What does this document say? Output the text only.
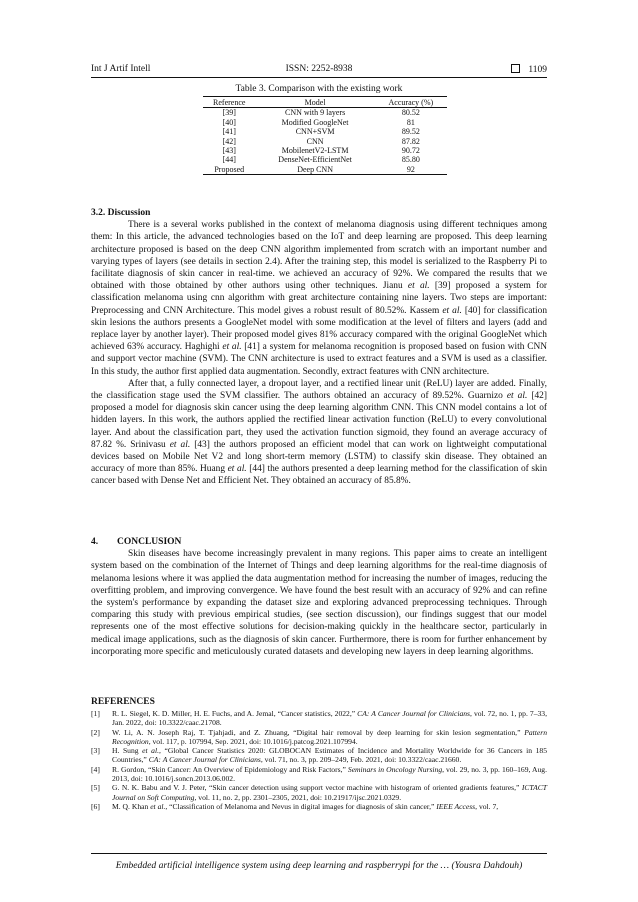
Int J Artif Intell	ISSN: 2252-8938	1109
Table 3. Comparison with the existing work
Reference	Model	Accuracy (%)
[39]	CNN with 9 layers	80.52
[40]	Modified GoogleNet	81
[41]	CNN+SVM	89.52
[42]	CNN	87.82
[43]	MobilenetV2-LSTM	90.72
[44]	DenseNet-EfficientNet	85.80
Proposed	Deep CNN	92
3.2. Discussion

There is a several works published in the context of melanoma diagnosis using different techniques among them: In this article, the advanced technologies based on the IoT and deep learning are proposed. This deep learning architecture proposed is based on the deep CNN algorithm implemented from scratch with an important number and varying types of layers (see details in section 2.4). After the training step, this model is serialized to the Raspberry Pi to facilitate diagnosis of skin cancer in real-time. we achieved an accuracy of 92%. We compared the results that we obtained with those obtained by other authors using other techniques. Jianu et al. [39] proposed a system for classification melanoma using cnn algorithm with great architecture containing nine layers. Two steps are important: Preprocessing and CNN Architecture. This model gives a robust result of 80.52%. Kassem et al. [40] for classification skin lesions the authors presents a GoogleNet model with some modification at the level of filters and layers (add and replace layer by another layer). Their proposed model gives 81% accuracy compared with the original GoogleNet which achieved 63% accuracy. Haghighi et al. [41] a system for melanoma recognition is proposed based on fusion with CNN and support vector machine (SVM). The CNN architecture is used to extract features and a SVM is used as a classifier. In this study, the author first applied data augmentation. Secondly, extract features with CNN architecture.

After that, a fully connected layer, a dropout layer, and a rectified linear unit (ReLU) layer are added. Finally, the classification stage used the SVM classifier. The authors obtained an accuracy of 89.52%. Guarnizo et al. [42] proposed a model for diagnosis skin cancer using the deep learning algorithm CNN. This CNN model contains a lot of hidden layers. In this work, the authors applied the rectified linear activation function (ReLU) to every convolutional layer. And about the classification part, they used the activation function sigmoid, they found an average accuracy of 87.82 %. Srinivasu et al. [43] the authors proposed an efficient model that can work on lightweight computational devices based on Mobile Net V2 and long short-term memory (LSTM) to classify skin disease. They obtained an accuracy of more than 85%. Huang et al. [44] the authors presented a deep learning method for the classification of skin cancer based with Dense Net and Efficient Net. They obtained an accuracy of 85.8%.

4. CONCLUSION

Skin diseases have become increasingly prevalent in many regions. This paper aims to create an intelligent system based on the combination of the Internet of Things and deep learning algorithms for the real-time diagnosis of melanoma lesions where it was applied the data augmentation method for increasing the number of images, reducing the overfitting problem, and improving convergence. We have found the best result with an accuracy of 92% and can refine the system's performance by expanding the dataset size and exploring advanced preprocessing techniques. Through comparing this study with previous empirical studies, (see section discussion), our findings suggest that our model represents one of the most effective solutions for decision-making quickly in the healthcare sector, particularly in medical image applications, such as the diagnosis of skin cancer. Furthermore, there is room for further enhancement by incorporating more specific and meticulously curated datasets and developing new layers in deep learning algorithms.

REFERENCES
[1]	R. L. Siegel, K. D. Miller, H. E. Fuchs, and A. Jemal, “Cancer statistics, 2022,” CA: A Cancer Journal for Clinicians, vol. 72, no. 1, pp. 7–33, Jan. 2022, doi: 10.3322/caac.21708.
[2]	W. Li, A. N. Joseph Raj, T. Tjahjadi, and Z. Zhuang, “Digital hair removal by deep learning for skin lesion segmentation,” Pattern Recognition, vol. 117, p. 107994, Sep. 2021, doi: 10.1016/j.patcog.2021.107994.
[3]	H. Sung et al., “Global Cancer Statistics 2020: GLOBOCAN Estimates of Incidence and Mortality Worldwide for 36 Cancers in 185 Countries,” CA: A Cancer Journal for Clinicians, vol. 71, no. 3, pp. 209–249, Feb. 2021, doi: 10.3322/caac.21660.
[4]	R. Gordon, “Skin Cancer: An Overview of Epidemiology and Risk Factors,” Seminars in Oncology Nursing, vol. 29, no. 3, pp. 160–169, Aug. 2013, doi: 10.1016/j.soncn.2013.06.002.
[5]	G. N. K. Babu and V. J. Peter, “Skin cancer detection using support vector machine with histogram of oriented gradients features,” ICTACT Journal on Soft Computing, vol. 11, no. 2, pp. 2301–2305, 2021, doi: 10.21917/ijsc.2021.0329.
[6]	M. Q. Khan et al., “Classification of Melanoma and Nevus in digital images for diagnosis of skin cancer,” IEEE Access, vol. 7,
Embedded artificial intelligence system using deep learning and raspberrypi for the … (Yousra Dahdouh)
